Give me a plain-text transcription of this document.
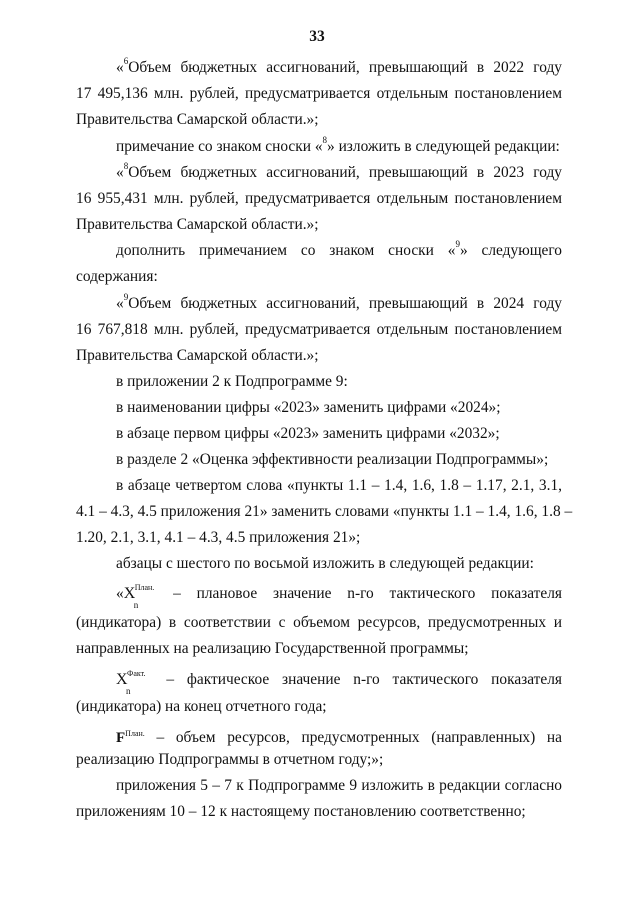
33
«$^6$Объем бюджетных ассигнований, превышающий в 2022 году
17 495,136 млн. рублей, предусматривается отдельным постановлением
Правительства Самарской области.»;
примечание со знаком сноски «$^8$» изложить в следующей редакции:
«$^8$Объем бюджетных ассигнований, превышающий в 2023 году
16 955,431 млн. рублей, предусматривается отдельным постановлением
Правительства Самарской области.»;
дополнить примечанием со знаком сноски «$^9$» следующего
содержания:
«$^9$Объем бюджетных ассигнований, превышающий в 2024 году
16 767,818 млн. рублей, предусматривается отдельным постановлением
Правительства Самарской области.»;
в приложении 2 к Подпрограмме 9:
в наименовании цифры «2023» заменить цифрами «2024»;
в абзаце первом цифры «2023» заменить цифрами «2032»;
в разделе 2 «Оценка эффективности реализации Подпрограммы»;
в абзаце четвертом слова «пункты 1.1 – 1.4, 1.6, 1.8 – 1.17, 2.1, 3.1,
4.1 – 4.3, 4.5 приложения 21» заменить словами «пункты 1.1 – 1.4, 1.6, 1.8 –
1.20, 2.1, 3.1, 4.1 – 4.3, 4.5 приложения 21»;
абзацы с шестого по восьмой изложить в следующей редакции:
«X
n
План. – плановое значение n-го тактического показателя
(индикатора) в соответствии с объемом ресурсов, предусмотренных и
направленных на реализацию Государственной программы;
X
n
Факт. – фактическое значение n-го тактического показателя
(индикатора) на конец отчетного года;
$F^{План.}$ – объем ресурсов, предусмотренных (направленных) на
реализацию Подпрограммы в отчетном году;»;
приложения 5 – 7 к Подпрограмме 9 изложить в редакции согласно
приложениям 10 – 12 к настоящему постановлению соответственно;
